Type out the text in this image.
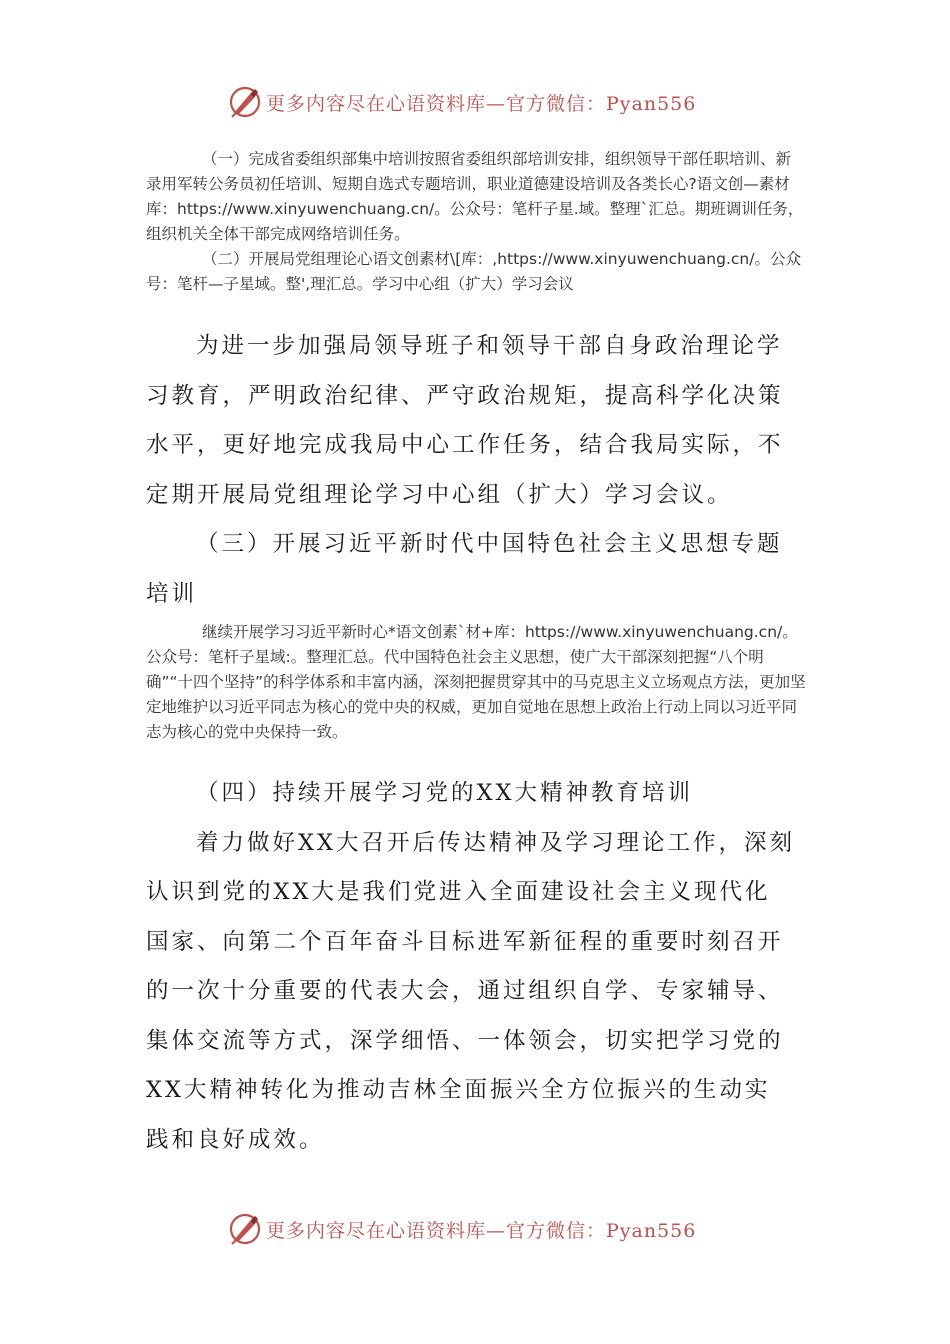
更多内容尽在心语资料库—官方微信：Pyan556

（一）完成省委组织部集中培训按照省委组织部培训安排，组织领导干部任职培训、新录用军转公务员初任培训、短期自选式专题培训，职业道德建设培训及各类长心?语文创—素材库：https://www.xinyuwenchuang.cn/。公众号：笔杆子星.域。整理`汇总。期班调训任务，组织机关全体干部完成网络培训任务。

（二）开展局党组理论心语文创素材\[库：,https://www.xinyuwenchuang.cn/。公众号：笔杆—子星域。整',理汇总。学习中心组（扩大）学习会议

为进一步加强局领导班子和领导干部自身政治理论学习教育，严明政治纪律、严守政治规矩，提高科学化决策水平，更好地完成我局中心工作任务，结合我局实际，不定期开展局党组理论学习中心组（扩大）学习会议。

（三）开展习近平新时代中国特色社会主义思想专题培训

继续开展学习习近平新时心*语文创素`材+库：https://www.xinyuwenchuang.cn/。公众号：笔杆子星域:。整理汇总。代中国特色社会主义思想，使广大干部深刻把握“八个明确”“十四个坚持”的科学体系和丰富内涵，深刻把握贯穿其中的马克思主义立场观点方法，更加坚定地维护以习近平同志为核心的党中央的权威，更加自觉地在思想上政治上行动上同以习近平同志为核心的党中央保持一致。

（四）持续开展学习党的XX大精神教育培训

着力做好XX大召开后传达精神及学习理论工作，深刻认识到党的XX大是我们党进入全面建设社会主义现代化国家、向第二个百年奋斗目标进军新征程的重要时刻召开的一次十分重要的代表大会，通过组织自学、专家辅导、集体交流等方式，深学细悟、一体领会，切实把学习党的XX大精神转化为推动吉林全面振兴全方位振兴的生动实践和良好成效。

更多内容尽在心语资料库—官方微信：Pyan556
